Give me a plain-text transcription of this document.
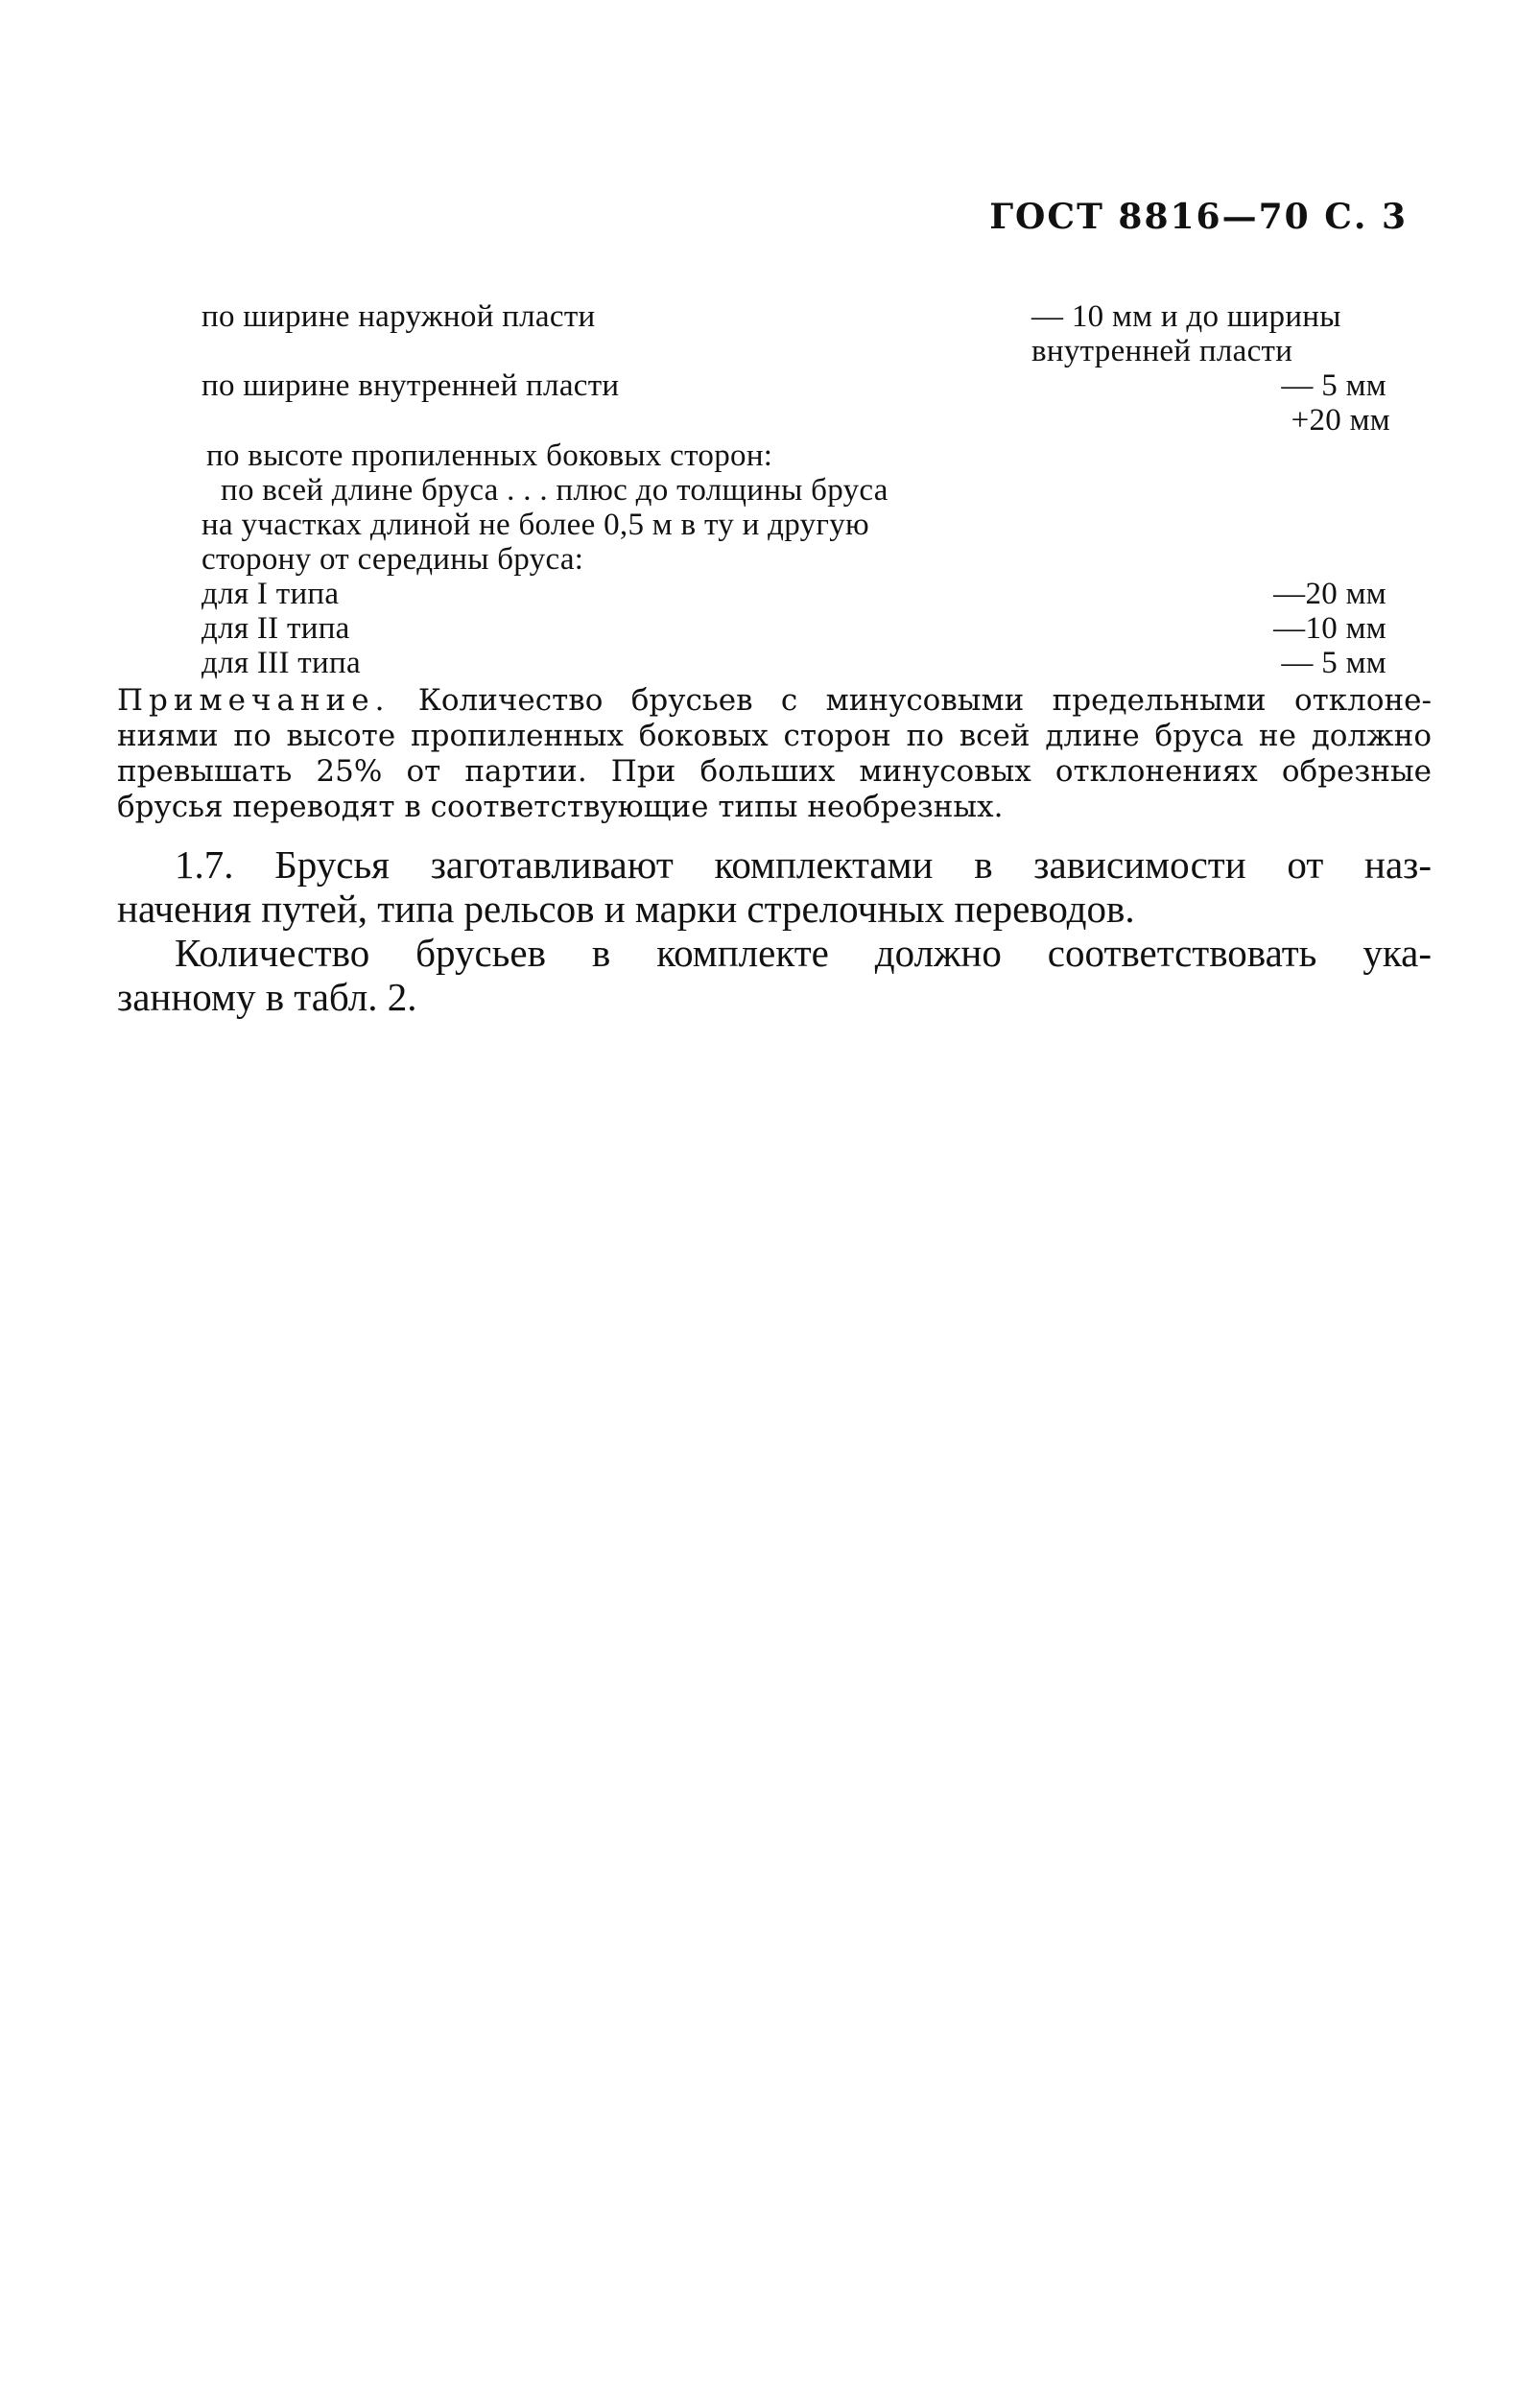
ГОСТ 8816—70 С. 3
по ширине наружной пласти	— 10 мм и до ширины
внутренней пласти
по ширине внутренней пласти	— 5 мм
+20 мм
по высоте пропиленных боковых сторон:
по всей длине бруса . . . плюс до толщины бруса
на участках длиной не более 0,5 м в ту и другую
сторону от середины бруса:
для I типа	—20 мм
для II типа	—10 мм
для III типа	— 5 мм
Примечание. Количество брусьев с минусовыми предельными отклоне-
ниями по высоте пропиленных боковых сторон по всей длине бруса не должно
превышать 25% от партии. При больших минусовых отклонениях обрезные
брусья переводят в соответствующие типы необрезных.
1.7. Брусья заготавливают комплектами в зависимости от наз-
начения путей, типа рельсов и марки стрелочных переводов.
Количество брусьев в комплекте должно соответствовать ука-
занному в табл. 2.
